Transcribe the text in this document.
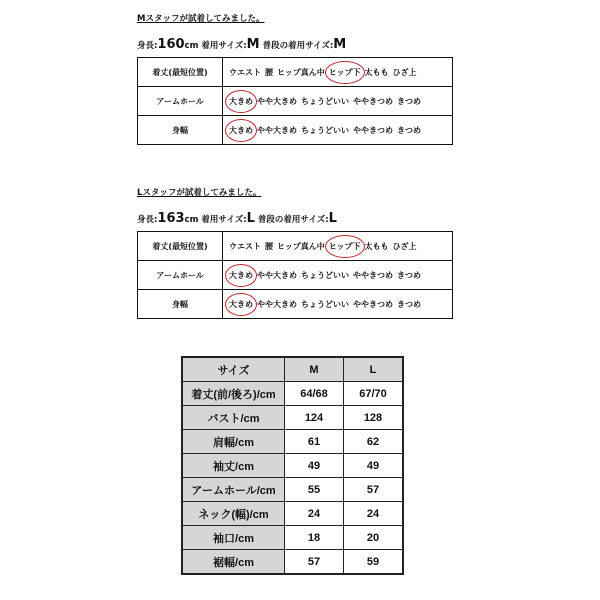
Mスタッフが試着してみました。
身長:160cm 着用サイズ:M 普段の着用サイズ:M
着丈(最短位置)	ウエスト 腰 ヒップ真ん中 ヒップ下 太もも ひざ上
アームホール	大きめ やや大きめ ちょうどいい ややきつめ きつめ
身幅	大きめ やや大きめ ちょうどいい ややきつめ きつめ
Lスタッフが試着してみました。
身長:163cm 着用サイズ:L 普段の着用サイズ:L
着丈(最短位置)	ウエスト 腰 ヒップ真ん中 ヒップ下 太もも ひざ上
アームホール	大きめ やや大きめ ちょうどいい ややきつめ きつめ
身幅	大きめ やや大きめ ちょうどいい ややきつめ きつめ
サイズ	M	L
着丈(前/後ろ)/cm	64/68	67/70
バスト/cm	124	128
肩幅/cm	61	62
袖丈/cm	49	49
アームホール/cm	55	57
ネック(幅)/cm	24	24
袖口/cm	18	20
裾幅/cm	57	59
